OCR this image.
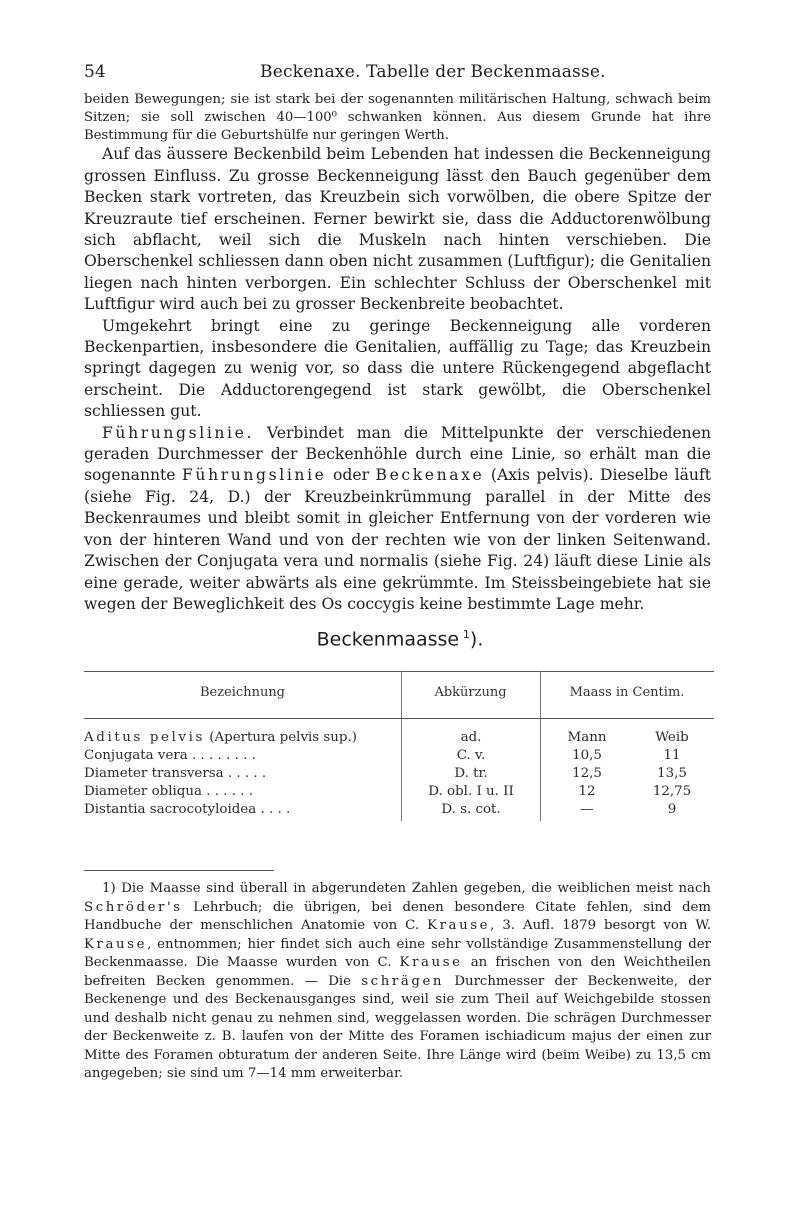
54	Beckenaxe. Tabelle der Beckenmaasse.

beiden Bewegungen; sie ist stark bei der sogenannten militärischen Haltung, schwach beim Sitzen; sie soll zwischen 40—100⁰ schwanken können. Aus diesem Grunde hat ihre Bestimmung für die Geburtshülfe nur geringen Werth.

Auf das äussere Beckenbild beim Lebenden hat indessen die Beckenneigung grossen Einfluss. Zu grosse Beckenneigung lässt den Bauch gegenüber dem Becken stark vortreten, das Kreuzbein sich vorwölben, die obere Spitze der Kreuzraute tief erscheinen. Ferner bewirkt sie, dass die Adductorenwölbung sich abflacht, weil sich die Muskeln nach hinten verschieben. Die Oberschenkel schliessen dann oben nicht zusammen (Luftfigur); die Genitalien liegen nach hinten verborgen. Ein schlechter Schluss der Oberschenkel mit Luftfigur wird auch bei zu grosser Beckenbreite beobachtet.

Umgekehrt bringt eine zu geringe Beckenneigung alle vorderen Beckenpartien, insbesondere die Genitalien, auffällig zu Tage; das Kreuzbein springt dagegen zu wenig vor, so dass die untere Rückengegend abgeflacht erscheint. Die Adductorengegend ist stark gewölbt, die Oberschenkel schliessen gut.

Führungslinie. Verbindet man die Mittelpunkte der verschiedenen geraden Durchmesser der Beckenhöhle durch eine Linie, so erhält man die sogenannte Führungslinie oder Beckenaxe (Axis pelvis). Dieselbe läuft (siehe Fig. 24, D.) der Kreuzbeinkrümmung parallel in der Mitte des Beckenraumes und bleibt somit in gleicher Entfernung von der vorderen wie von der hinteren Wand und von der rechten wie von der linken Seitenwand. Zwischen der Conjugata vera und normalis (siehe Fig. 24) läuft diese Linie als eine gerade, weiter abwärts als eine gekrümmte. Im Steissbeingebiete hat sie wegen der Beweglichkeit des Os coccygis keine bestimmte Lage mehr.

Beckenmaasse  $^1$).
Bezeichnung	Abkürzung	Maass in Centim.
Aditus pelvis (Apertura pelvis sup.)	ad.	Mann	Weib
Conjugata vera . . . . . . . .	C. v.	10,5	11
Diameter transversa . . . . .	D. tr.	12,5	13,5
Diameter obliqua . . . . . .	D. obl. I u. II	12	12,75
Distantia sacrocotyloidea . . . .	D. s. cot.	—	9

1) Die Maasse sind überall in abgerundeten Zahlen gegeben, die weiblichen meist nach Schröder's Lehrbuch; die übrigen, bei denen besondere Citate fehlen, sind dem Handbuche der menschlichen Anatomie von C. Krause, 3. Aufl. 1879 besorgt von W. Krause, entnommen; hier findet sich auch eine sehr vollständige Zusammenstellung der Beckenmaasse. Die Maasse wurden von C. Krause an frischen von den Weichtheilen befreiten Becken genommen. — Die schrägen Durchmesser der Beckenweite, der Beckenenge und des Beckenausganges sind, weil sie zum Theil auf Weichgebilde stossen und deshalb nicht genau zu nehmen sind, weggelassen worden. Die schrägen Durchmesser der Beckenweite z. B. laufen von der Mitte des Foramen ischiadicum majus der einen zur Mitte des Foramen obturatum der anderen Seite. Ihre Länge wird (beim Weibe) zu 13,5 cm angegeben; sie sind um 7—14 mm erweiterbar.
